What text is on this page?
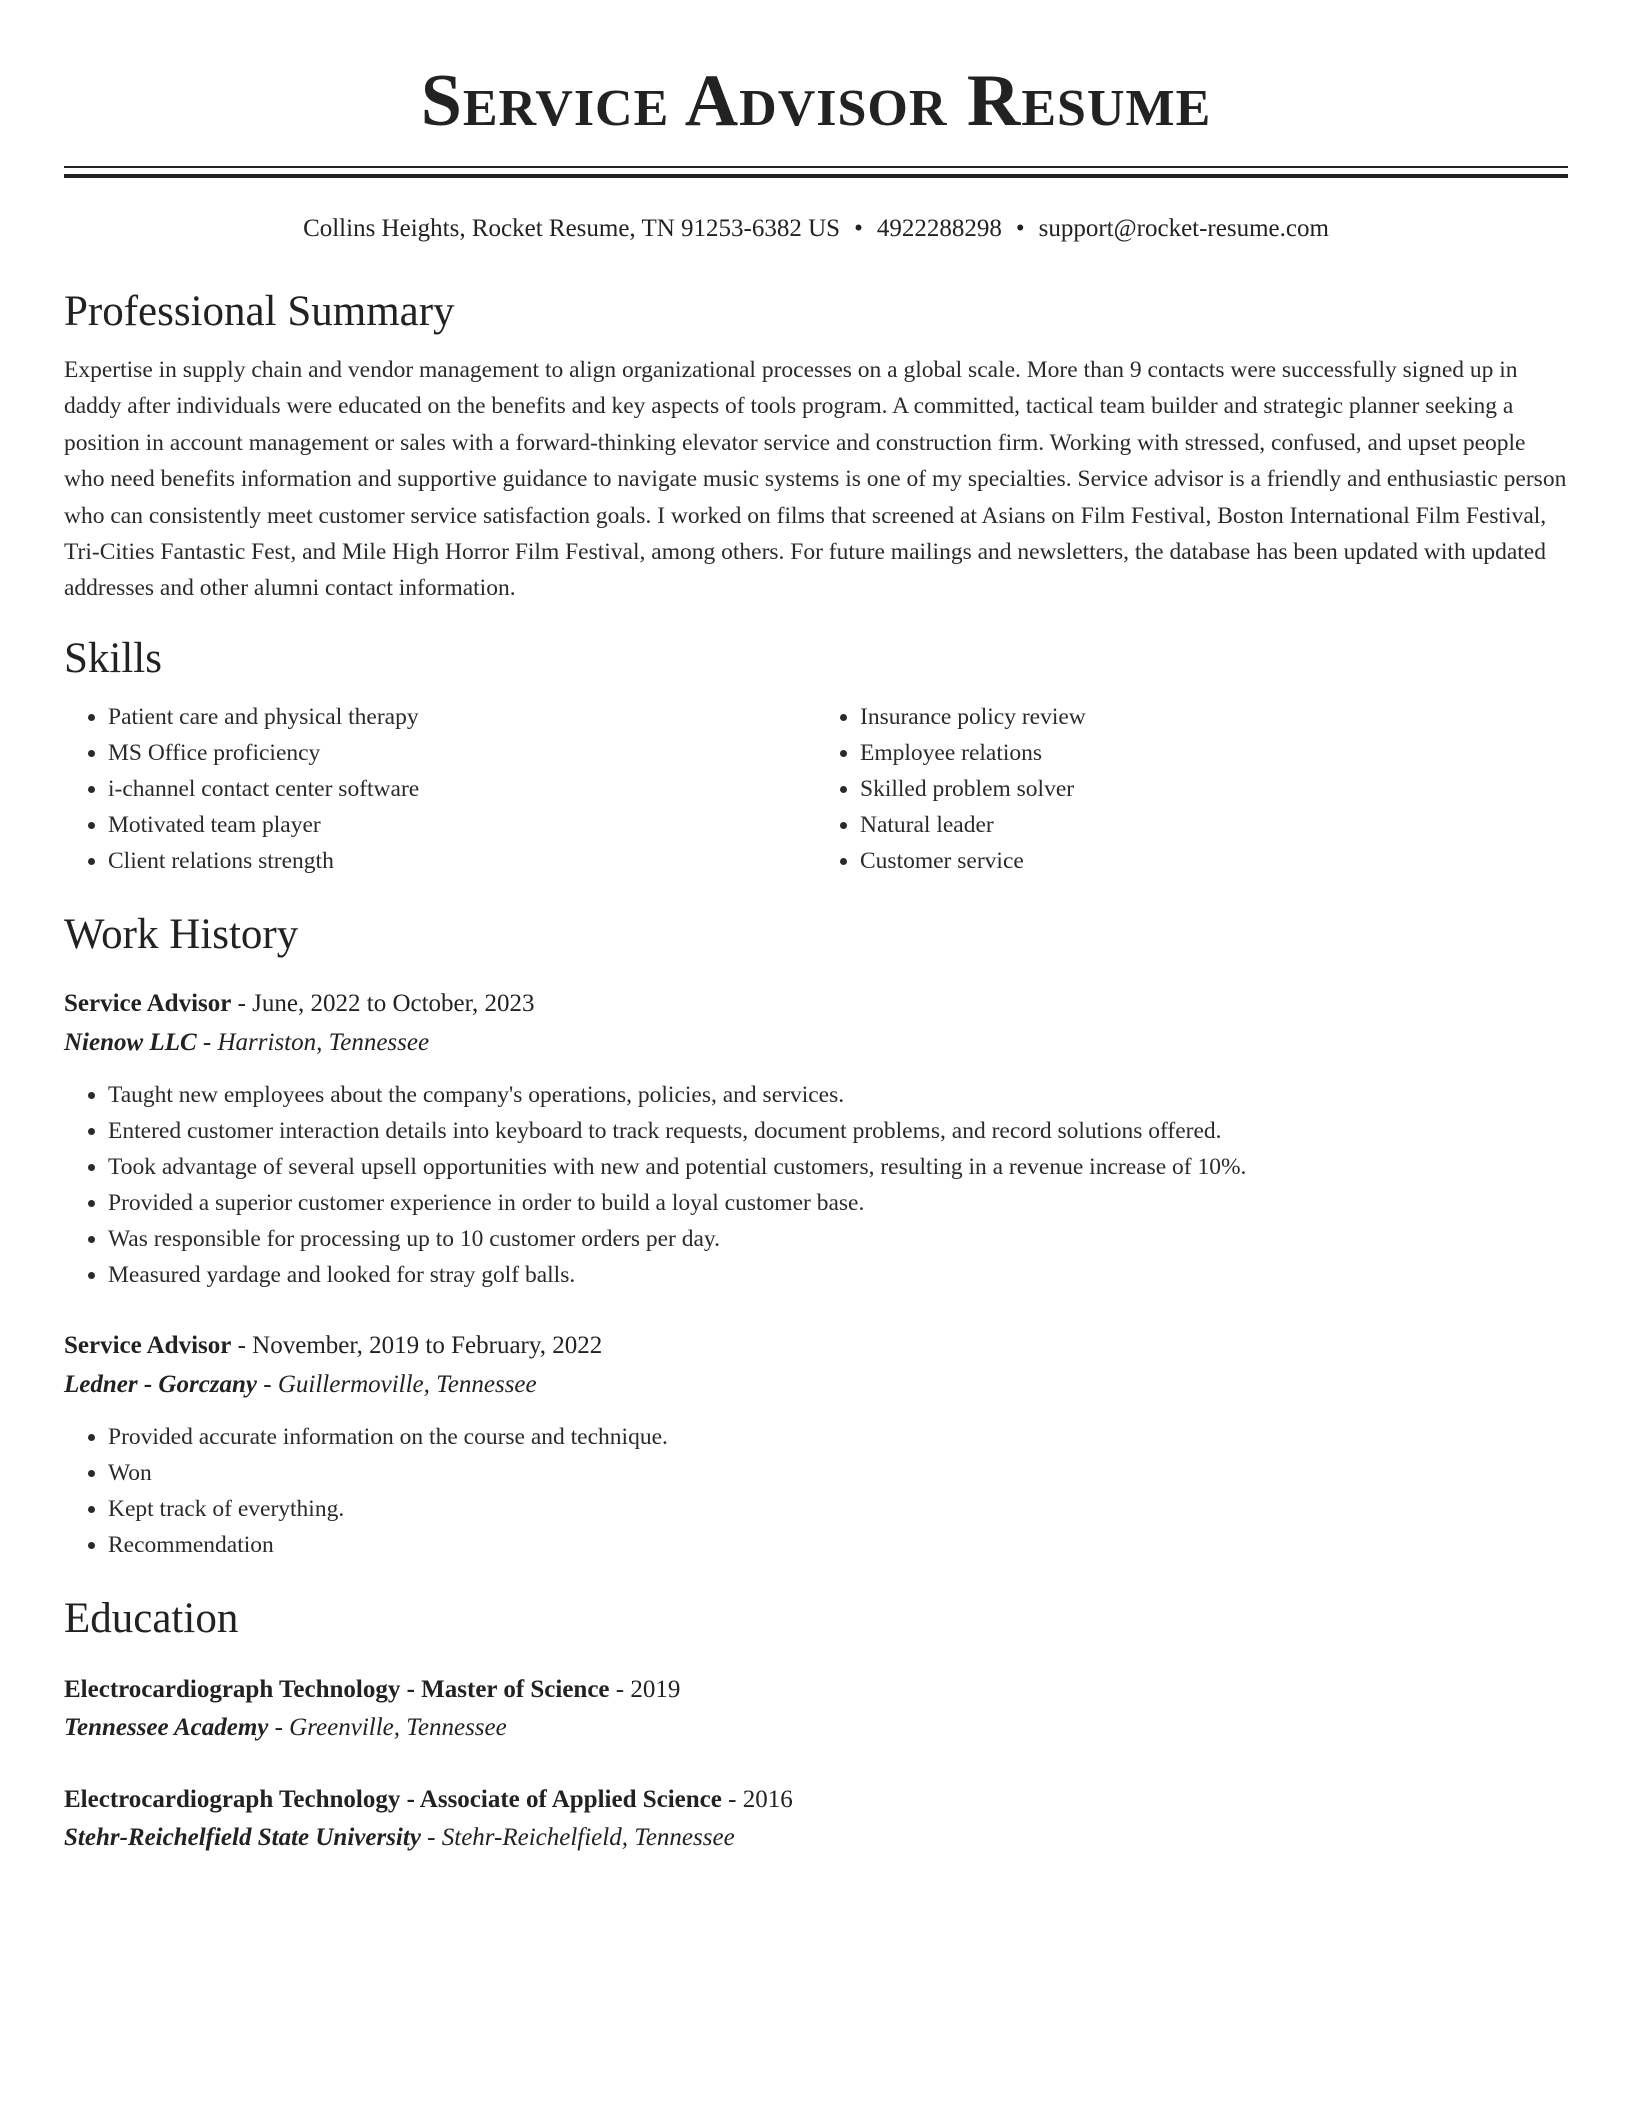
Service Advisor Resume
Collins Heights, Rocket Resume, TN 91253-6382 US • 4922288298 • support@rocket-resume.com
Professional Summary

Expertise in supply chain and vendor management to align organizational processes on a global scale. More than 9 contacts were successfully signed up in daddy after individuals were educated on the benefits and key aspects of tools program. A committed, tactical team builder and strategic planner seeking a position in account management or sales with a forward-thinking elevator service and construction firm. Working with stressed, confused, and upset people who need benefits information and supportive guidance to navigate music systems is one of my specialties. Service advisor is a friendly and enthusiastic person who can consistently meet customer service satisfaction goals. I worked on films that screened at Asians on Film Festival, Boston International Film Festival, Tri-Cities Fantastic Fest, and Mile High Horror Film Festival, among others. For future mailings and newsletters, the database has been updated with updated addresses and other alumni contact information.

Skills
• Patient care and physical therapy
• MS Office proficiency
• i-channel contact center software
• Motivated team player
• Client relations strength
• Insurance policy review
• Employee relations
• Skilled problem solver
• Natural leader
• Customer service
Work History
Service Advisor - June, 2022 to October, 2023
Nienow LLC - Harriston, Tennessee
• Taught new employees about the company's operations, policies, and services.
• Entered customer interaction details into keyboard to track requests, document problems, and record solutions offered.
• Took advantage of several upsell opportunities with new and potential customers, resulting in a revenue increase of 10%.
• Provided a superior customer experience in order to build a loyal customer base.
• Was responsible for processing up to 10 customer orders per day.
• Measured yardage and looked for stray golf balls.
Service Advisor - November, 2019 to February, 2022
Ledner - Gorczany - Guillermoville, Tennessee
• Provided accurate information on the course and technique.
• Won
• Kept track of everything.
• Recommendation
Education
Electrocardiograph Technology - Master of Science - 2019
Tennessee Academy - Greenville, Tennessee
Electrocardiograph Technology - Associate of Applied Science - 2016
Stehr-Reichelfield State University - Stehr-Reichelfield, Tennessee
